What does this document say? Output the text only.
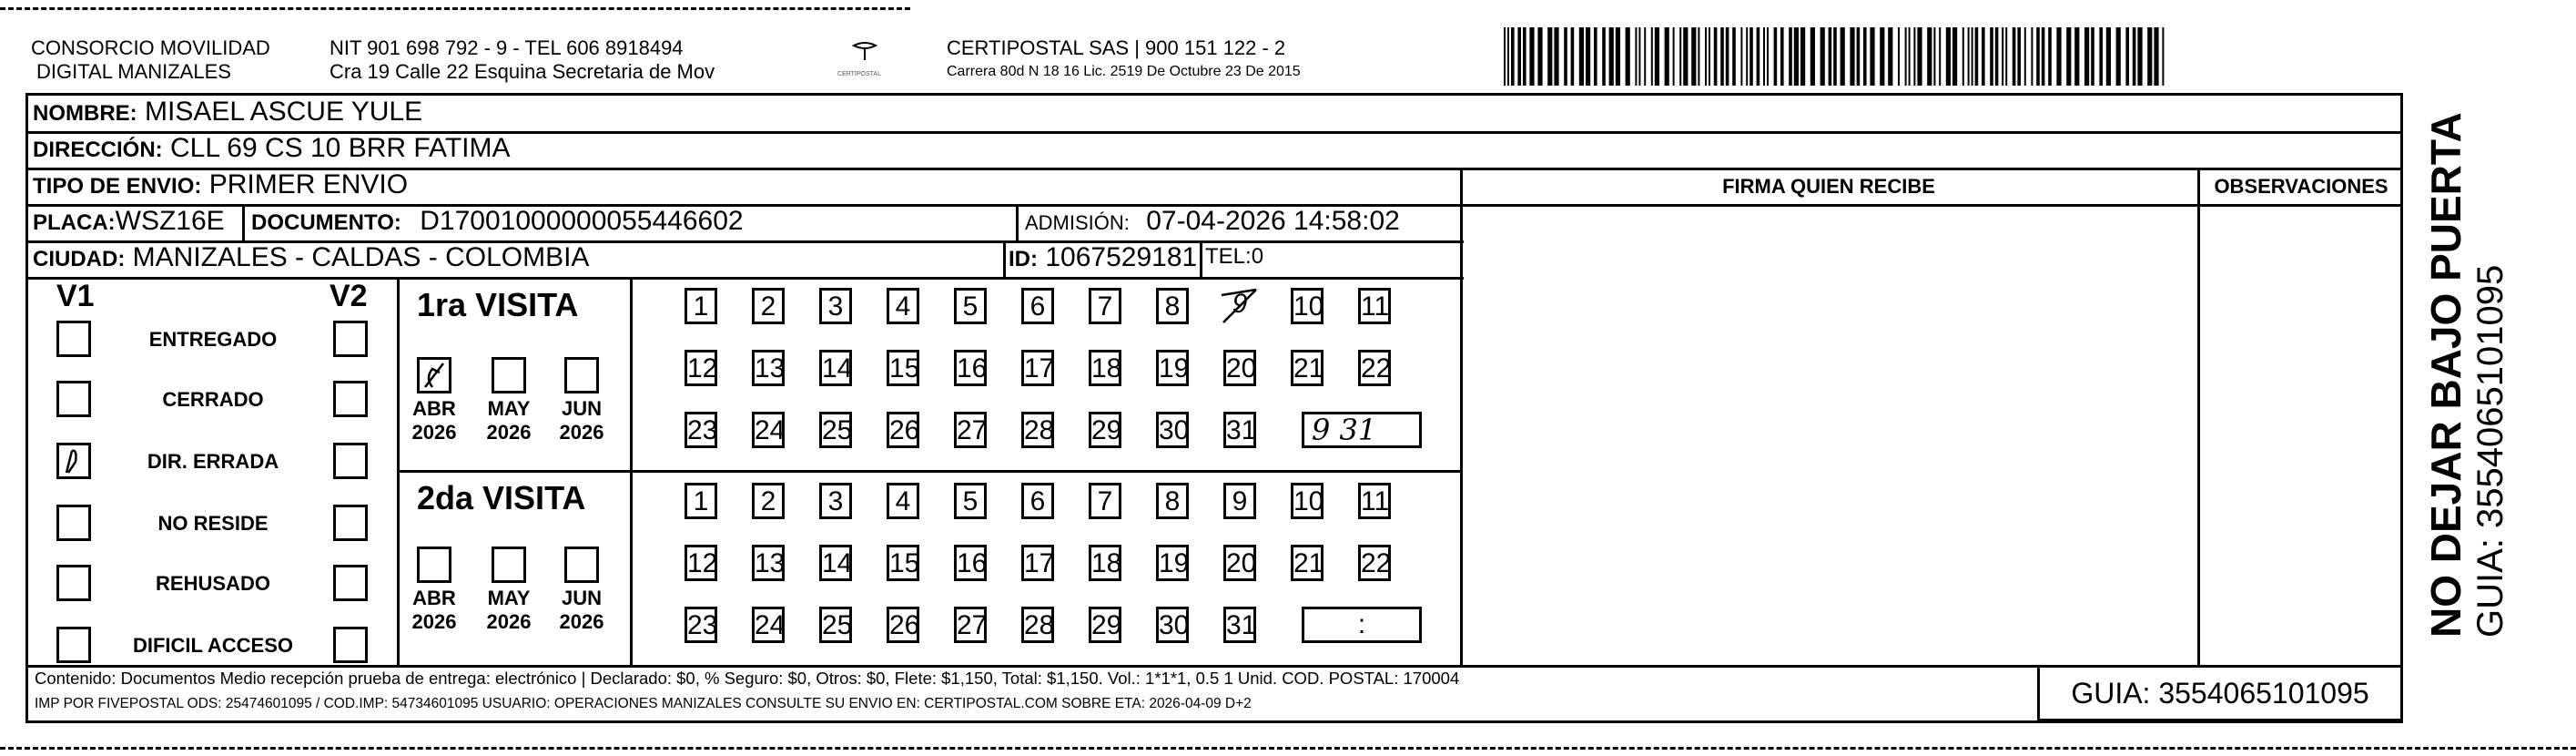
CONSORCIO MOVILIDAD
DIGITAL MANIZALES
NIT 901 698 792 - 9 - TEL 606 8918494
Cra 19 Calle 22 Esquina Secretaria de Mov	CERTIPOSTAL
CERTIPOSTAL SAS | 900 151 122 - 2
Carrera 80d N 18 16 Lic. 2519 De Octubre 23 De 2015
NOMBRE: MISAEL ASCUE YULE
DIRECCIÓN: CLL 69 CS 10 BRR FATIMA
TIPO DE ENVIO: PRIMER ENVIO	FIRMA QUIEN RECIBE	OBSERVACIONES
PLACA:WSZ16E DOCUMENTO: D17001000000055446602	ADMISIÓN: 07-04-2026 14:58:02
CIUDAD: MANIZALES - CALDAS - COLOMBIA	ID: 1067529181 TEL:0
V1	V2
ENTREGADO
CERRADO
DIR. ERRADA
NO RESIDE
REHUSADO
DIFICIL ACCESO
1ra VISITA
2da VISITA
ABR
2026
MAY
2026
JUN
2026
ABR
2026
MAY
2026
JUN
2026
1	2	3	4	5	6	7	8	9	10 11
12 13 14 15 16 17 18 19 20 21 22
23 24 25 26 27 28 29 30 31
1	2	3	4	5	6	7	8	9	10 11
12 13 14 15 16 17 18 19 20 21 22
23 24 25 26 27 28 29 30 31
9 31
:
Contenido: Documentos Medio recepción prueba de entrega: electrónico | Declarado: $0, % Seguro: $0, Otros: $0, Flete: $1,150, Total: $1,150. Vol.: 1*1*1, 0.5 1 Unid. COD. POSTAL: 170004
IMP POR FIVEPOSTAL ODS: 25474601095 / COD.IMP: 54734601095 USUARIO: OPERACIONES MANIZALES CONSULTE SU ENVIO EN: CERTIPOSTAL.COM SOBRE ETA: 2026-04-09 D+2	GUIA: 3554065101095
NO DEJAR BAJO PUERTA GUIA: 3554065101095
